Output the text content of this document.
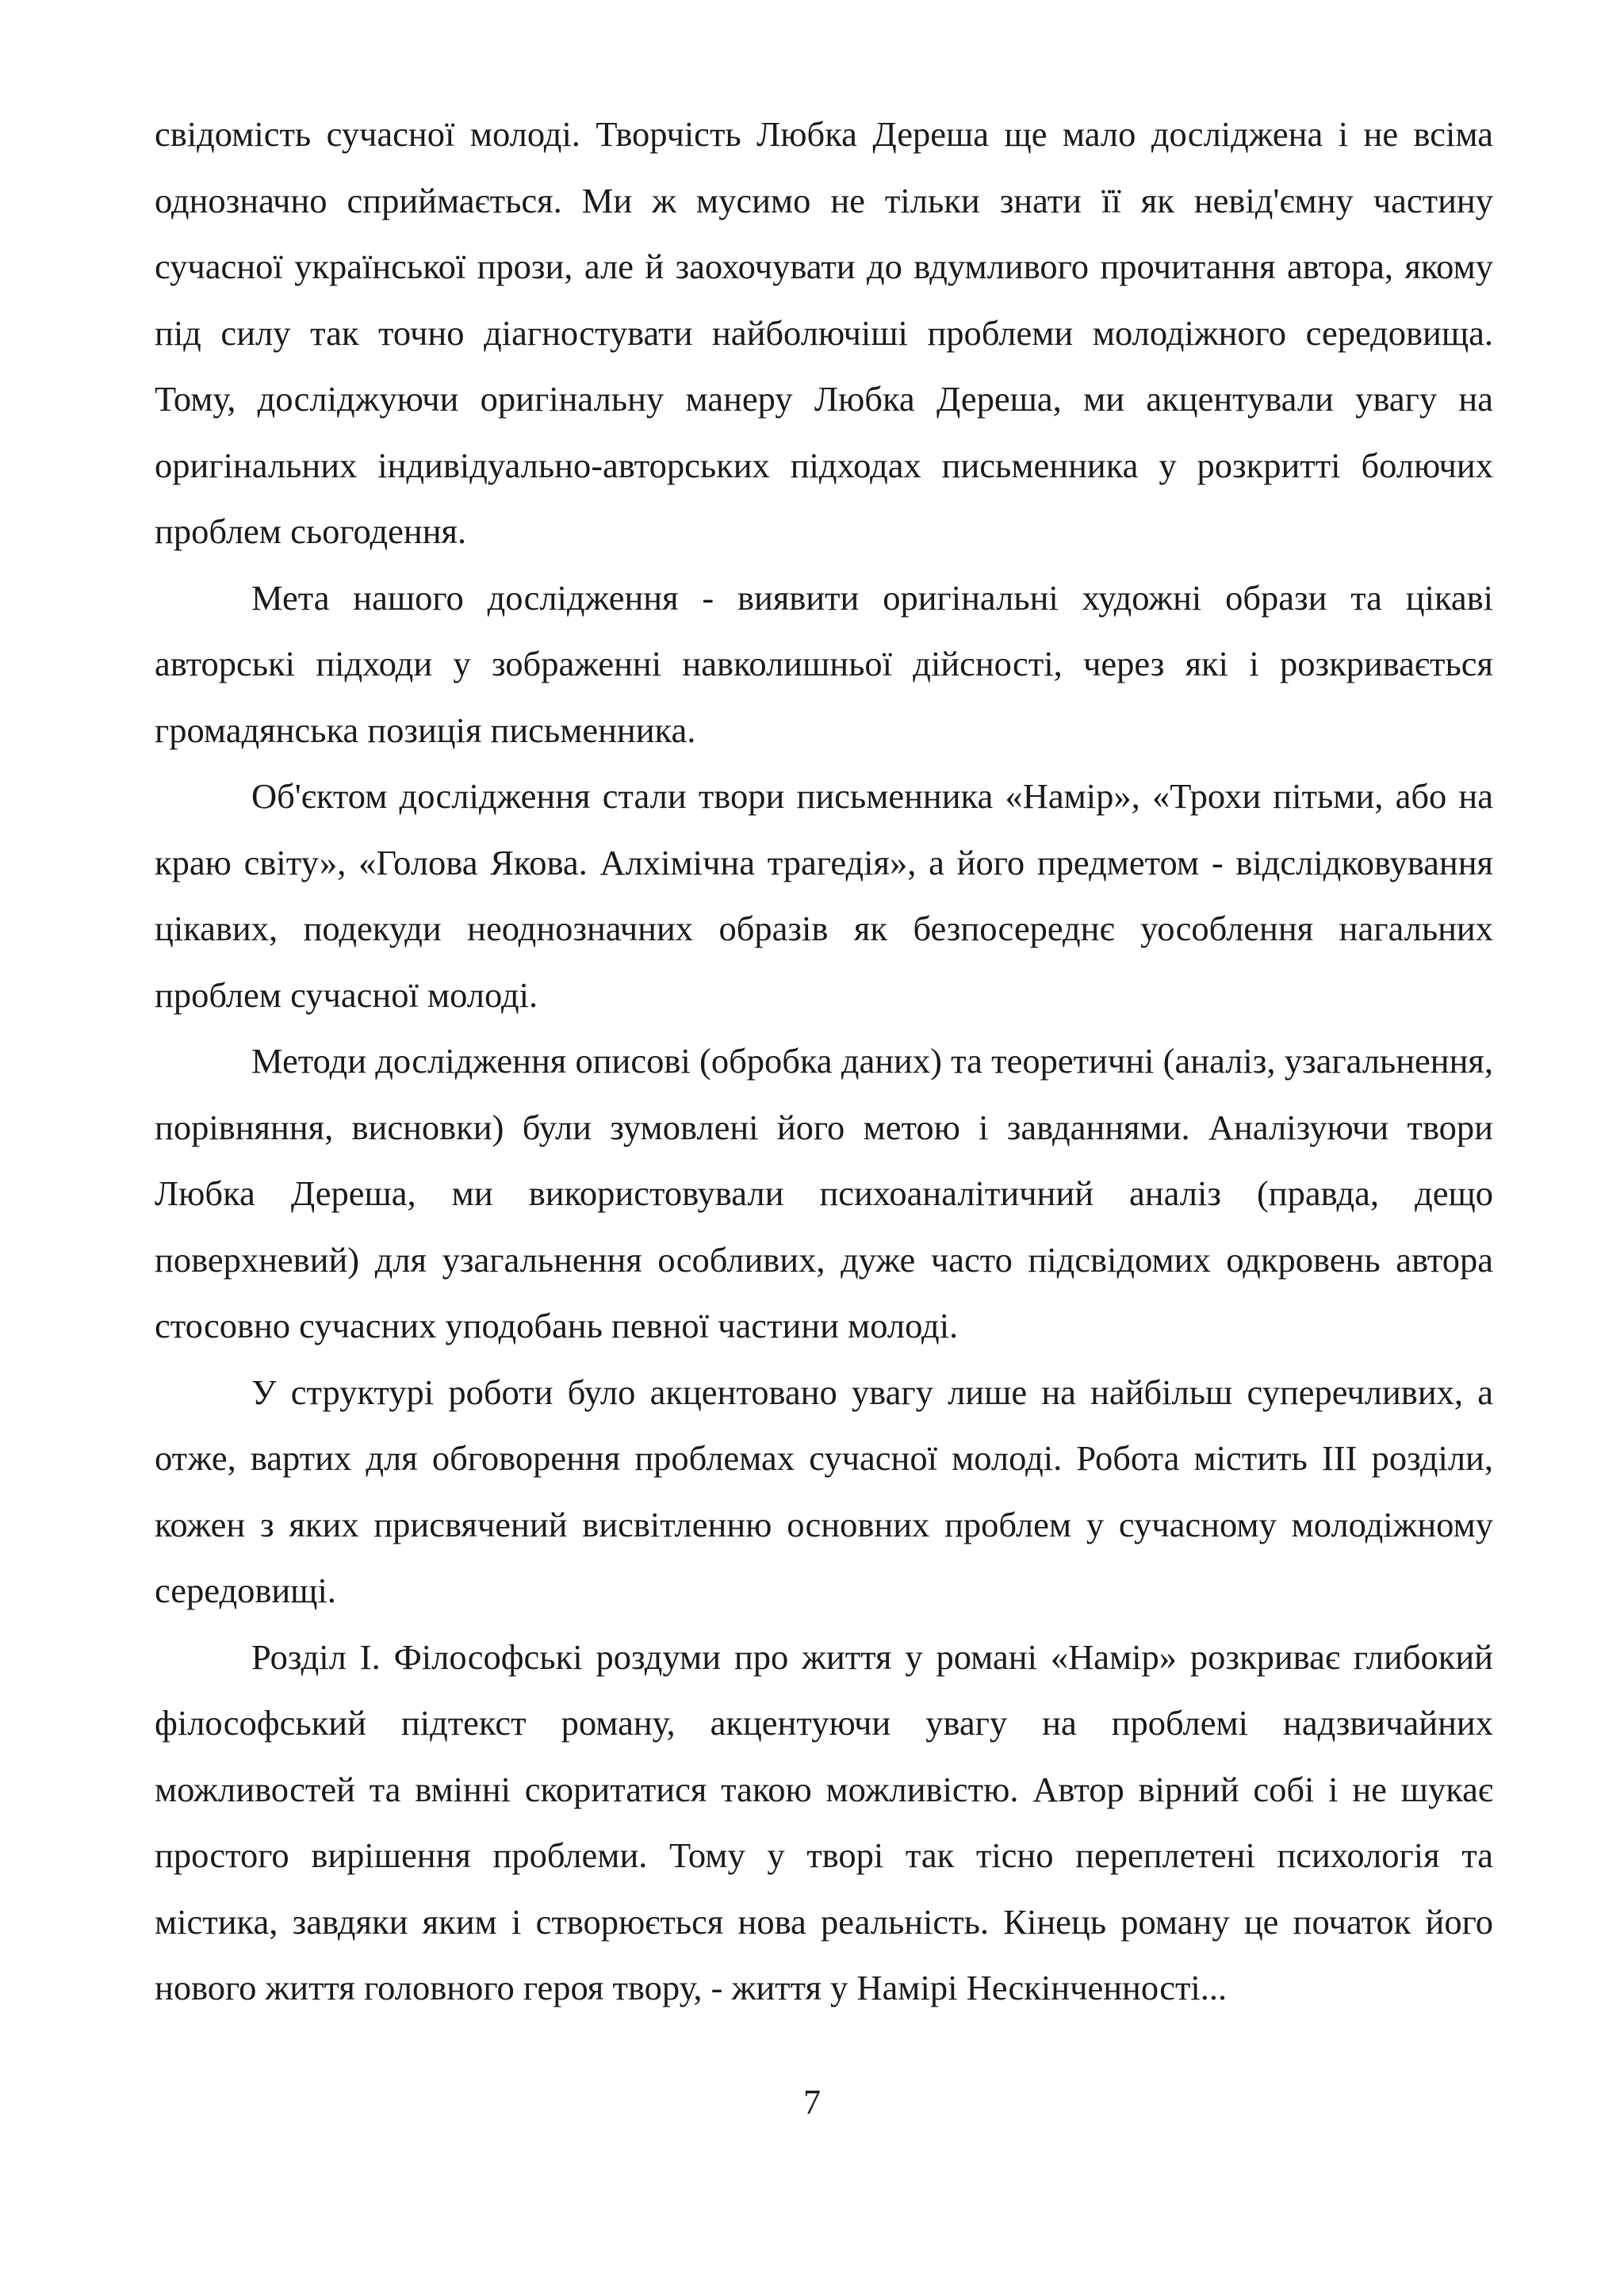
свідомість сучасної молоді. Творчість Любка Дереша ще мало досліджена і не всіма однозначно сприймається. Ми ж мусимо не тільки знати її як невід'ємну частину сучасної української прози, але й заохочувати до вдумливого прочитання автора, якому під силу так точно діагностувати найболючіші проблеми молодіжного середовища. Тому, досліджуючи оригінальну манеру Любка Дереша, ми акцентували увагу на оригінальних індивідуально-авторських підходах письменника у розкритті болючих проблем сьогодення.

Мета нашого дослідження - виявити оригінальні художні образи та цікаві авторські підходи у зображенні навколишньої дійсності, через які і розкривається громадянська позиція письменника.

Об'єктом дослідження стали твори письменника «Намір», «Трохи пітьми, або на краю світу», «Голова Якова. Алхімічна трагедія», а його предметом - відслідковування цікавих, подекуди неоднозначних образів як безпосереднє уособлення нагальних проблем сучасної молоді.

Методи дослідження описові (обробка даних) та теоретичні (аналіз, узагальнення, порівняння, висновки) були зумовлені його метою і завданнями. Аналізуючи твори Любка Дереша, ми використовували психоаналітичний аналіз (правда, дещо поверхневий) для узагальнення особливих, дуже часто підсвідомих одкровень автора стосовно сучасних уподобань певної частини молоді.

У структурі роботи було акцентовано увагу лише на найбільш суперечливих, а отже, вартих для обговорення проблемах сучасної молоді. Робота містить III розділи, кожен з яких присвячений висвітленню основних проблем у сучасному молодіжному середовищі.

Розділ І. Філософські роздуми про життя у романі «Намір» розкриває глибокий філософський підтекст роману, акцентуючи увагу на проблемі надзвичайних можливостей та вмінні скоритатися такою можливістю. Автор вірний собі і не шукає простого вирішення проблеми. Тому у творі так тісно переплетені психологія та містика, завдяки яким і створюється нова реальність. Кінець роману це початок його нового життя головного героя твору, - життя у Намірі Нескінченності...

7
